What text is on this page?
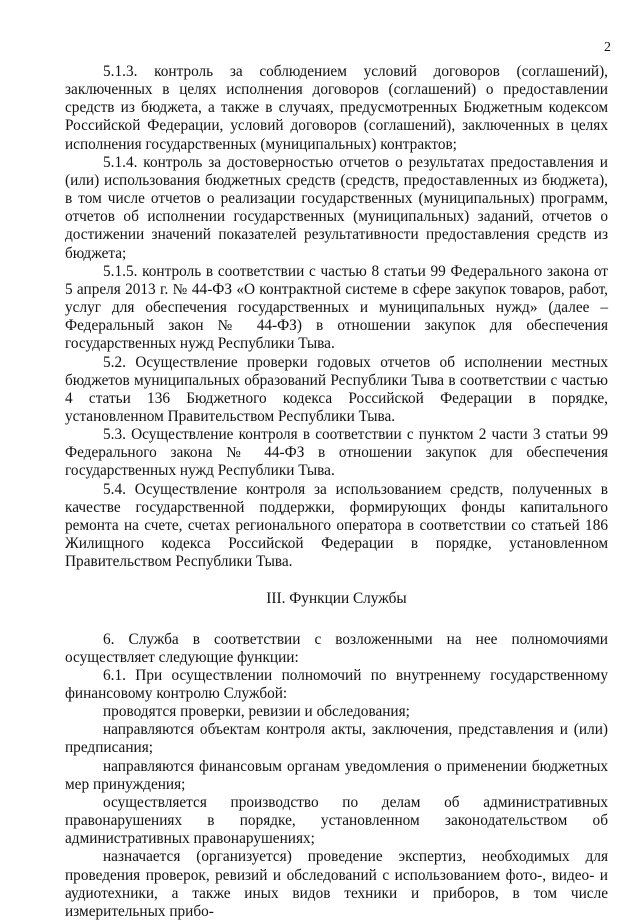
2

5.1.3. контроль за соблюдением условий договоров (соглашений), заключенных в целях исполнения договоров (соглашений) о предоставлении средств из бюджета, а также в случаях, предусмотренных Бюджетным кодексом Российской Федерации, условий договоров (соглашений), заключенных в целях исполнения государственных (муниципальных) контрактов;

5.1.4. контроль за достоверностью отчетов о результатах предоставления и (или) использования бюджетных средств (средств, предоставленных из бюджета), в том числе отчетов о реализации государственных (муниципальных) программ, отчетов об исполнении государственных (муниципальных) заданий, отчетов о достижении значений показателей результативности предоставления средств из бюджета;

5.1.5. контроль в соответствии с частью 8 статьи 99 Федерального закона от 5 апреля 2013 г. № 44-ФЗ «О контрактной системе в сфере закупок товаров, работ, услуг для обеспечения государственных и муниципальных нужд» (далее – Федеральный закон № 44-ФЗ) в отношении закупок для обеспечения государственных нужд Республики Тыва.

5.2. Осуществление проверки годовых отчетов об исполнении местных бюджетов муниципальных образований Республики Тыва в соответствии с частью 4 статьи 136 Бюджетного кодекса Российской Федерации в порядке, установленном Правительством Республики Тыва.

5.3. Осуществление контроля в соответствии с пунктом 2 части 3 статьи 99 Федерального закона № 44-ФЗ в отношении закупок для обеспечения государственных нужд Республики Тыва.

5.4. Осуществление контроля за использованием средств, полученных в качестве государственной поддержки, формирующих фонды капитального ремонта на счете, счетах регионального оператора в соответствии со статьей 186 Жилищного кодекса Российской Федерации в порядке, установленном Правительством Республики Тыва.

III. Функции Службы

6. Служба в соответствии с возложенными на нее полномочиями осуществляет следующие функции:

6.1. При осуществлении полномочий по внутреннему государственному финансовому контролю Службой:

проводятся проверки, ревизии и обследования;

направляются объектам контроля акты, заключения, представления и (или) предписания;

направляются финансовым органам уведомления о применении бюджетных мер принуждения;

осуществляется производство по делам об административных правонарушениях в порядке, установленном законодательством об административных правонарушениях;

назначается (организуется) проведение экспертиз, необходимых для проведения проверок, ревизий и обследований с использованием фото-, видео- и аудиотехники, а также иных видов техники и приборов, в том числе измерительных прибо-
